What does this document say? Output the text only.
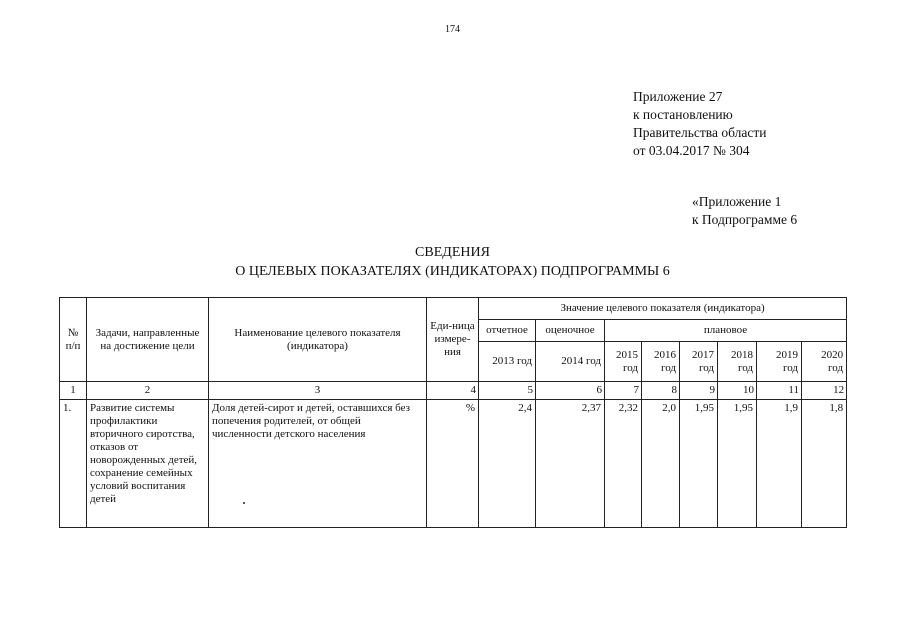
174
Приложение 27
к постановлению
Правительства области
от 03.04.2017 № 304
«Приложение 1
к Подпрограмме 6
СВЕДЕНИЯ
О ЦЕЛЕВЫХ ПОКАЗАТЕЛЯХ (ИНДИКАТОРАХ) ПОДПРОГРАММЫ 6
№ п/п	Задачи, направленные на достижение цели	Наименование целевого показателя (индикатора)	Еди-ница измере-ния	Значение целевого показателя (индикатора)							
				отчетное	оценочное	плановое					
				2013 год	2014 год	2015 год	2016 год	2017 год	2018 год	2019 год	2020 год
1	2	3	4	5	6	7	8	9	10	11	12
1.	Развитие системы профилактики вторичного сиротства, отказов от новорожденных детей, сохранение семейных условий воспитания детей	Доля детей-сирот и детей, оставшихся без попечения родителей, от общей численности детского населения	%	2,4	2,37	2,32	2,0	1,95	1,95	1,9	1,8
